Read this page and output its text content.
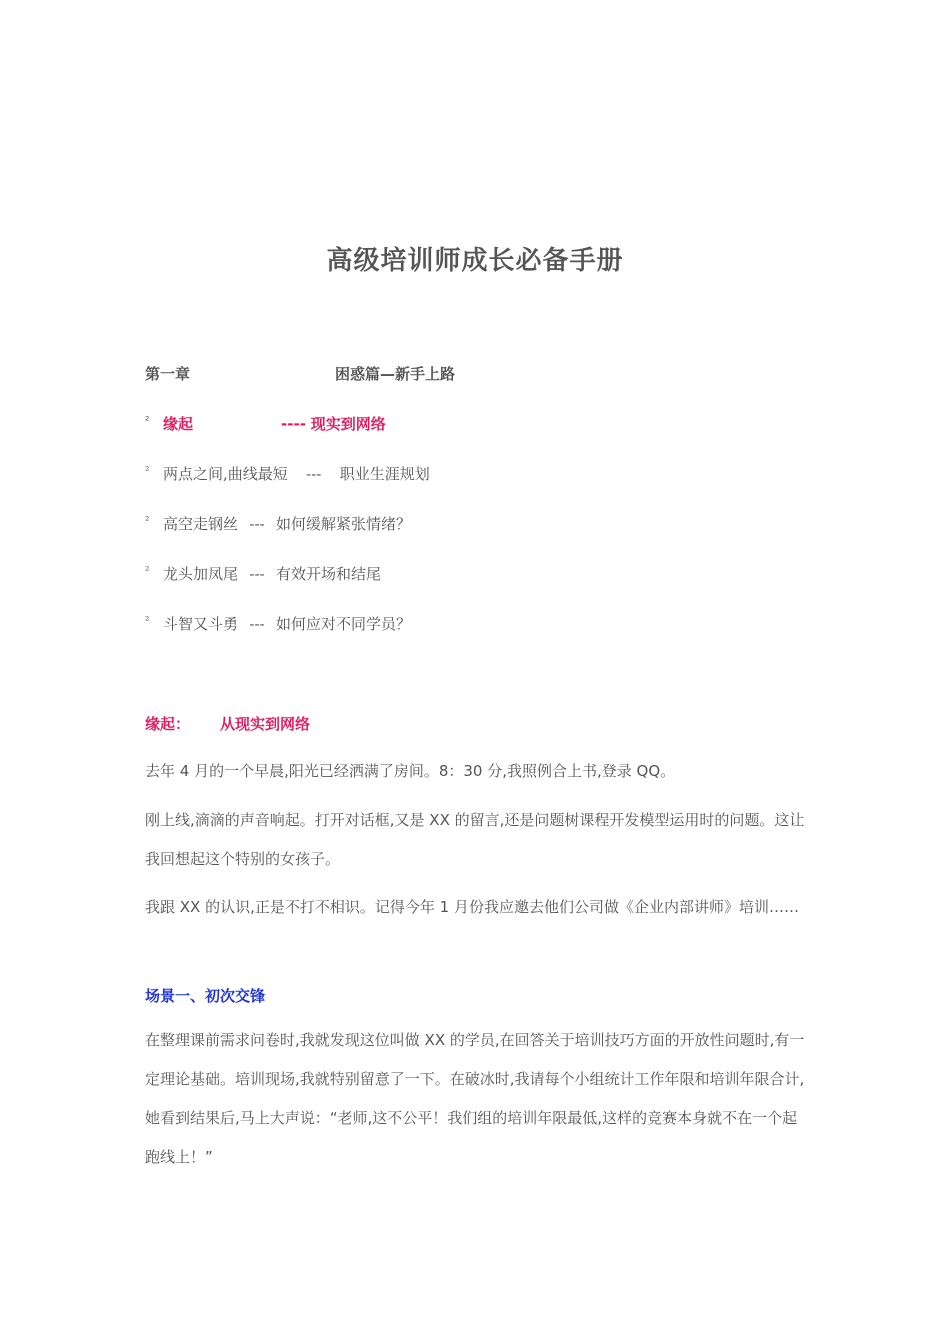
高级培训师成长必备手册
第一章	困惑篇—新手上路
² 缘起	---- 现实到网络
² 两点之间,曲线最短 --- 职业生涯规划
² 高空走钢丝 --- 如何缓解紧张情绪？
² 龙头加凤尾 --- 有效开场和结尾
² 斗智又斗勇 --- 如何应对不同学员？
缘起： 从现实到网络
去年 4 月的一个早晨,阳光已经洒满了房间。8：30 分,我照例合上书,登录 QQ。
刚上线,滴滴的声音响起。打开对话框,又是 XX 的留言,还是问题树课程开发模型运用时的问题。这让我回想起这个特别的女孩子。
我跟 XX 的认识,正是不打不相识。记得今年 1 月份我应邀去他们公司做《企业内部讲师》培训……
场景一、初次交锋
在整理课前需求问卷时,我就发现这位叫做 XX 的学员,在回答关于培训技巧方面的开放性问题时,有一定理论基础。培训现场,我就特别留意了一下。在破冰时,我请每个小组统计工作年限和培训年限合计,她看到结果后,马上大声说：“老师,这不公平！我们组的培训年限最低,这样的竞赛本身就不在一个起跑线上！”
